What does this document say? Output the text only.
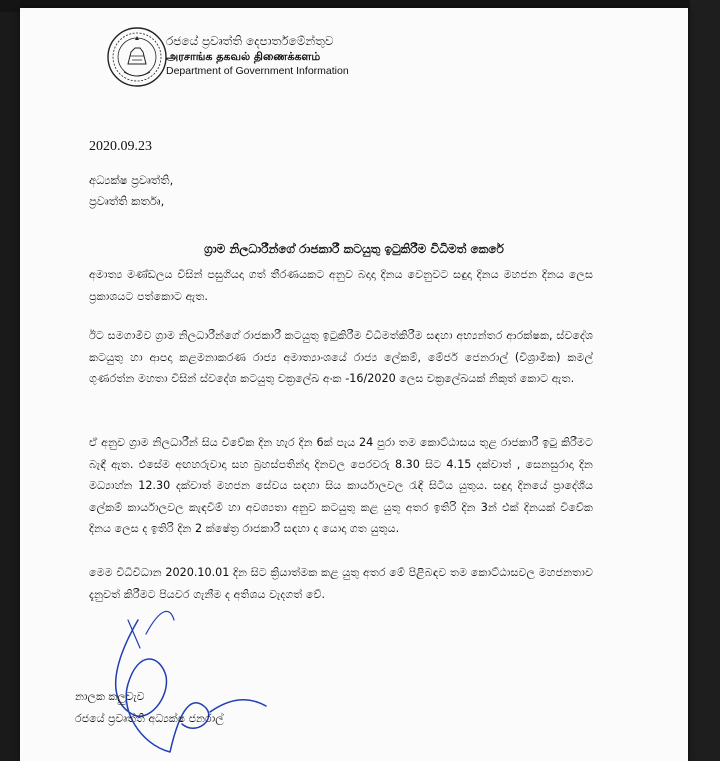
රජයේ ප්‍රවෘත්ති දෙපාර්තමේන්තුව
அரசாங்க தகவல் திணைக்களம்
Department of Government Information
2020.09.23
අධ්‍යක්ෂ ප්‍රවෘත්ති,
ප්‍රවෘත්ති කර්තෘ,
ග්‍රාම නිලධාරීන්ගේ රාජකාරී කටයුතු ඉටුකිරීම විධිමත් කෙරේ
අමාත්‍ය මණ්ඩලය විසින් පසුගියදා ගත් තීරණයකට අනුව බදාදා දිනය වෙනුවට සඳුදා දිනය මහජන දිනය ලෙස ප්‍රකාශයට පත්කොට ඇත.
ඊට සමගාමීව ග්‍රාම නිලධාරීන්ගේ රාජකාරී කටයුතු ඉටුකිරීම විධිමත්කිරීම සඳහා අභ්‍යන්තර ආරක්ෂක, ස්වදේශ කටයුතු හා ආපදා කළමනාකරණ රාජ්‍ය අමාත්‍යාංශයේ රාජ්‍ය ලේකම්, මේජර් ජෙනරාල් (විශ්‍රාමික) කමල් ගුණරත්න මහතා විසින් ස්වදේශ කටයුතු චක්‍රලේඛ අංක -16/2020 ලෙස චක්‍රලේඛයක් නිකුත් කොට ඇත.
ඒ අනුව ග්‍රාම නිලධාරීන් සිය විවේක දින හැර දින 6ක් පැය 24 පුරා තම කොට්ඨාසය තුළ රාජකාරී ඉටු කිරීමට බැඳී ඇත. එසේම අඟහරුවාදා සහ බ්‍රහස්පතින්දා දිනවල පෙරවරු 8.30 සිට 4.15 දක්වාත් , සෙනසුරාදා දින මධ්‍යාහ්න 12.30 දක්වාත් මහජන සේවය සඳහා සිය කාර්යාලවල රැඳී සිටිය යුතුය. සඳුදා දිනයේ ප්‍රාදේශීය ලේකම් කාර්යාලවල කැඳවීම් හා අවශ්‍යතා අනුව කටයුතු කළ යුතු අතර ඉතිරි දින 3න් එක් දිනයක් විවේක දිනය ලෙස ද ඉතිරි දින 2 ක්ෂේත්‍ර රාජකාරී සඳහා ද යොදා ගත යුතුය.
මෙම විධිවිධාන 2020.10.01 දින සිට ක්‍රියාත්මක කළ යුතු අතර මේ පිළිබඳව තම කොට්ඨාසවල මහජනතාව දැනුවත් කිරීමට පියවර ගැනීම ද අතිශය වැදගත් වේ.
නාලක කලුවැව
රජයේ ප්‍රවෘත්ති අධ්‍යක්ෂ ජනරාල්
